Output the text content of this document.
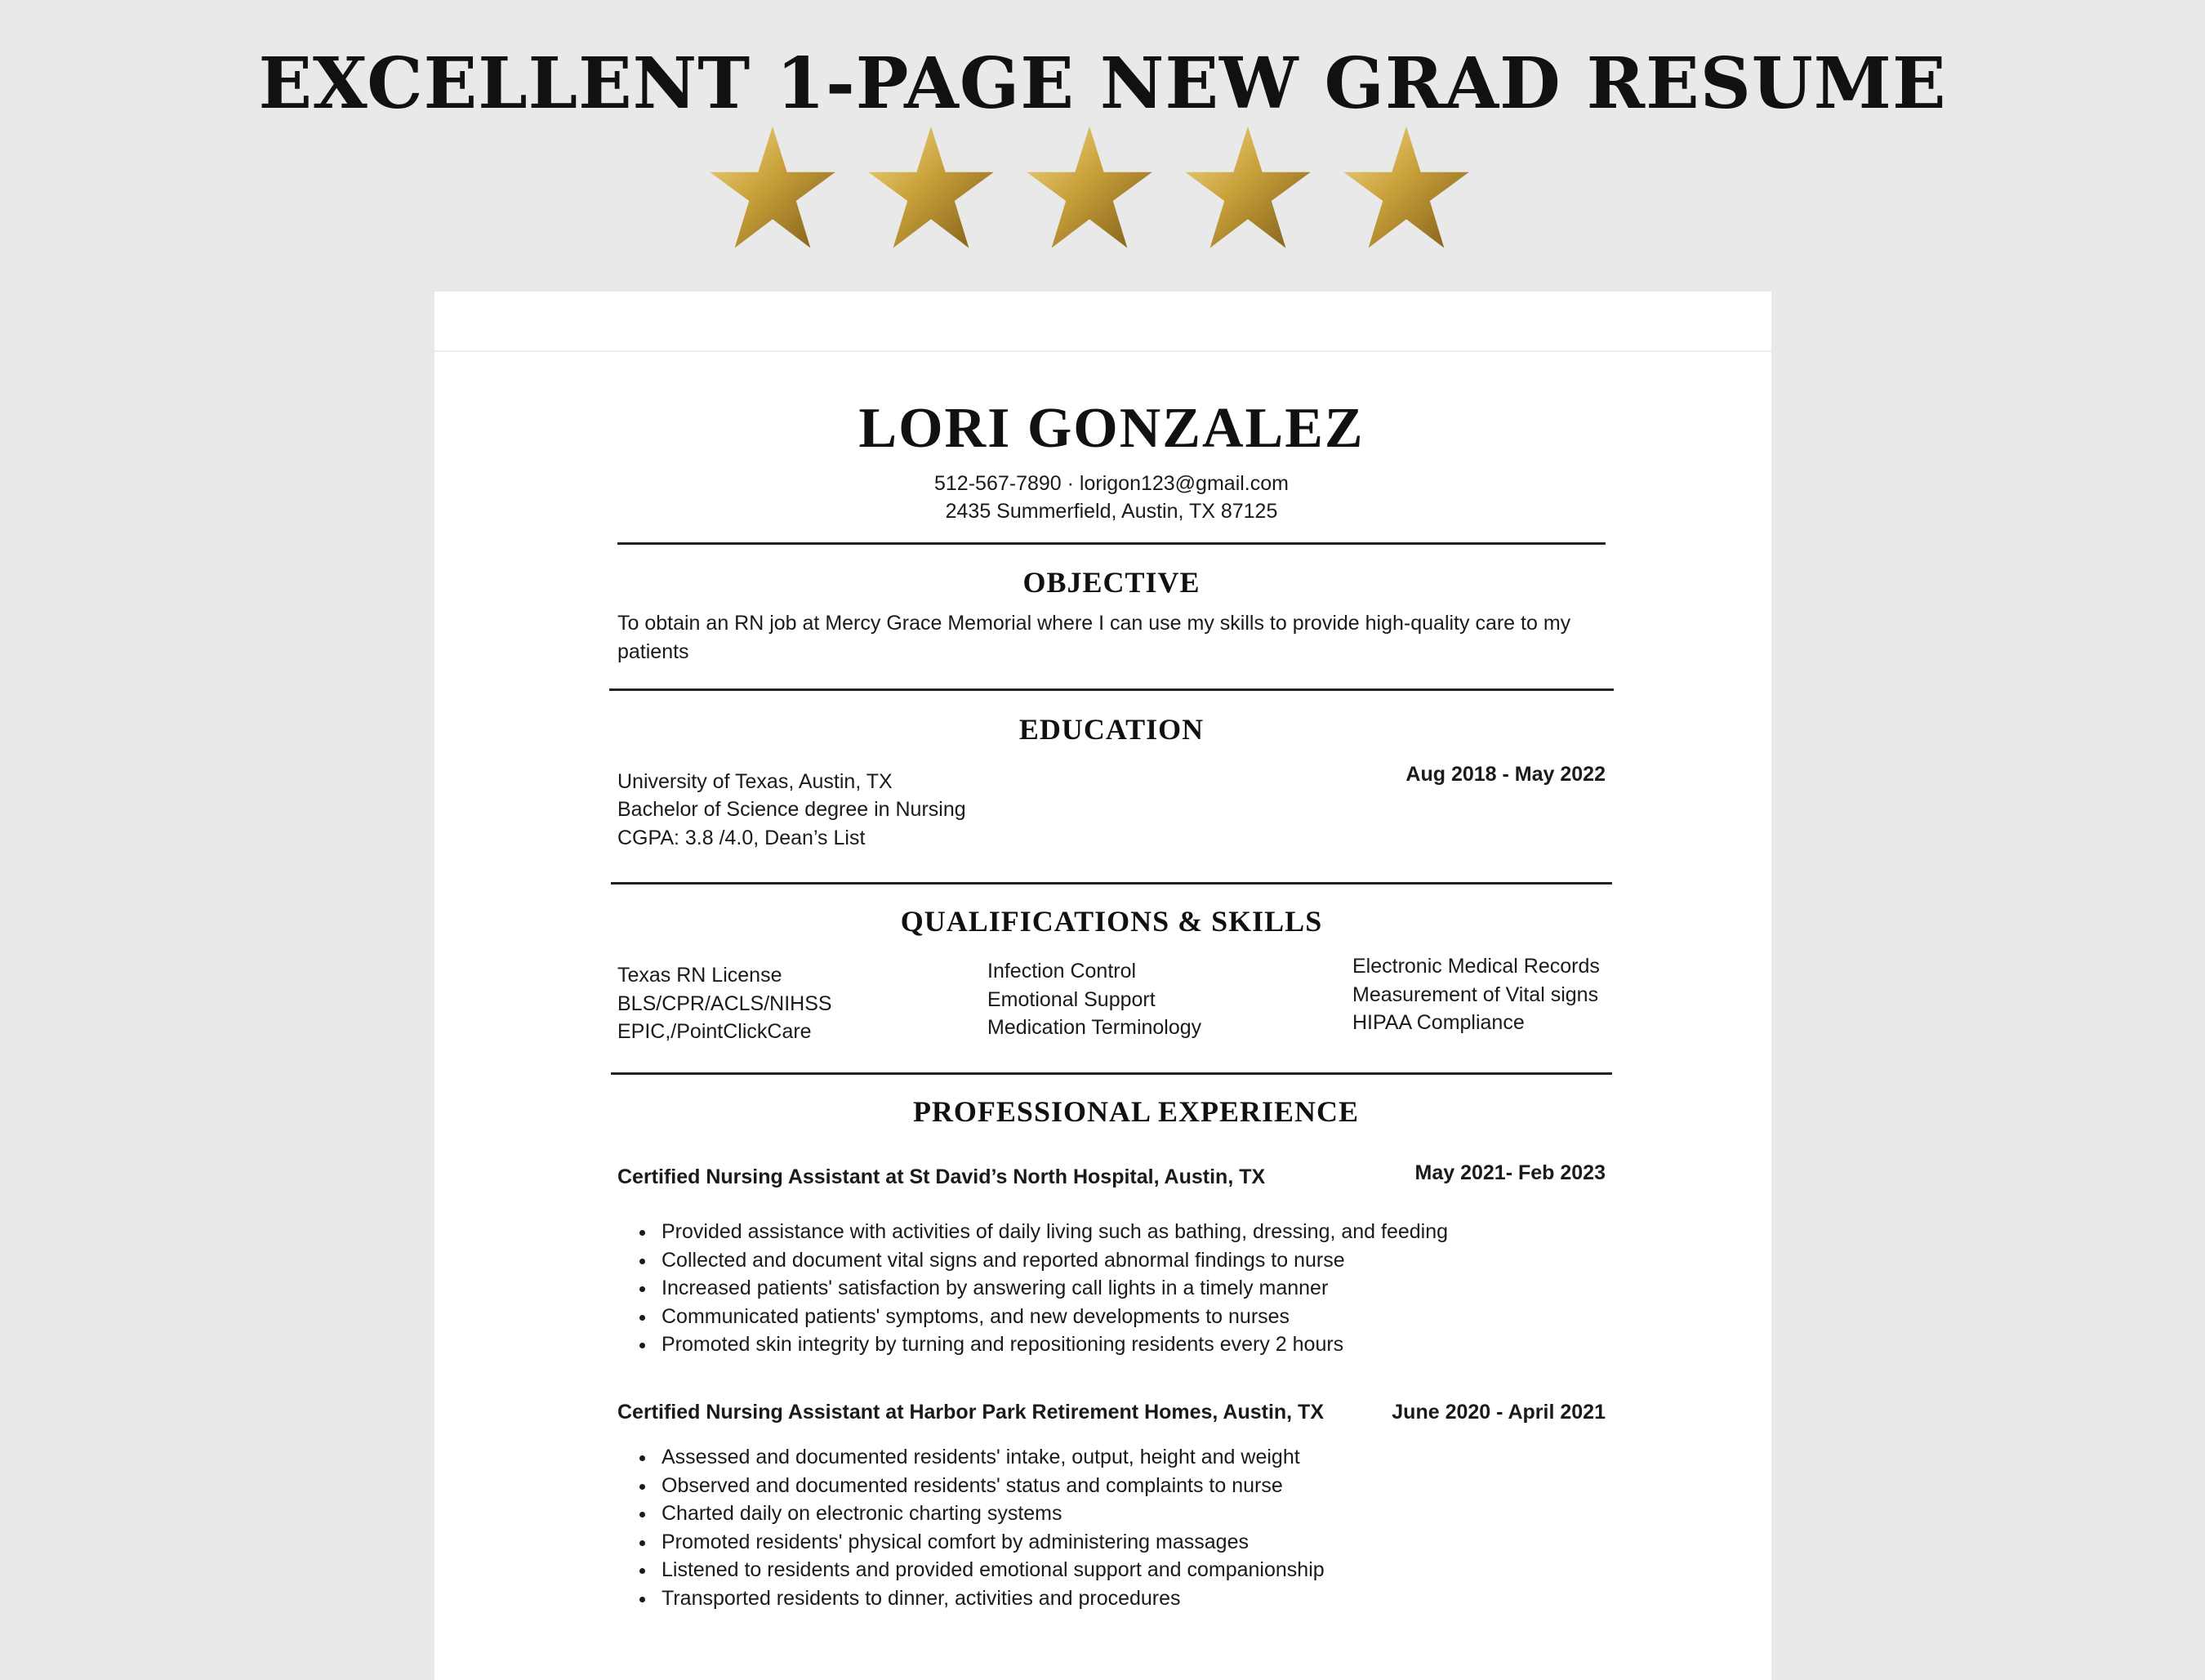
EXCELLENT 1-PAGE NEW GRAD RESUME
LORI GONZALEZ
512-567-7890 · lorigon123@gmail.com
2435 Summerfield, Austin, TX 87125
OBJECTIVE
To obtain an RN job at Mercy Grace Memorial where I can use my skills to provide high-quality care to my patients
EDUCATION
University of Texas, Austin, TX
Bachelor of Science degree in Nursing
CGPA: 3.8 /4.0, Dean’s List
Aug 2018 - May 2022
QUALIFICATIONS & SKILLS
Texas RN License
BLS/CPR/ACLS/NIHSS
EPIC,/PointClickCare
Infection Control
Emotional Support
Medication Terminology
Electronic Medical Records
Measurement of Vital signs
HIPAA Compliance
PROFESSIONAL EXPERIENCE
Certified Nursing Assistant at St David’s North Hospital, Austin, TX	May 2021- Feb 2023
• Provided assistance with activities of daily living such as bathing, dressing, and feeding
• Collected and document vital signs and reported abnormal findings to nurse
• Increased patients' satisfaction by answering call lights in a timely manner
• Communicated patients' symptoms, and new developments to nurses
• Promoted skin integrity by turning and repositioning residents every 2 hours
Certified Nursing Assistant at Harbor Park Retirement Homes, Austin, TX	June 2020 - April 2021
• Assessed and documented residents' intake, output, height and weight
• Observed and documented residents' status and complaints to nurse
• Charted daily on electronic charting systems
• Promoted residents' physical comfort by administering massages
• Listened to residents and provided emotional support and companionship
• Transported residents to dinner, activities and procedures
